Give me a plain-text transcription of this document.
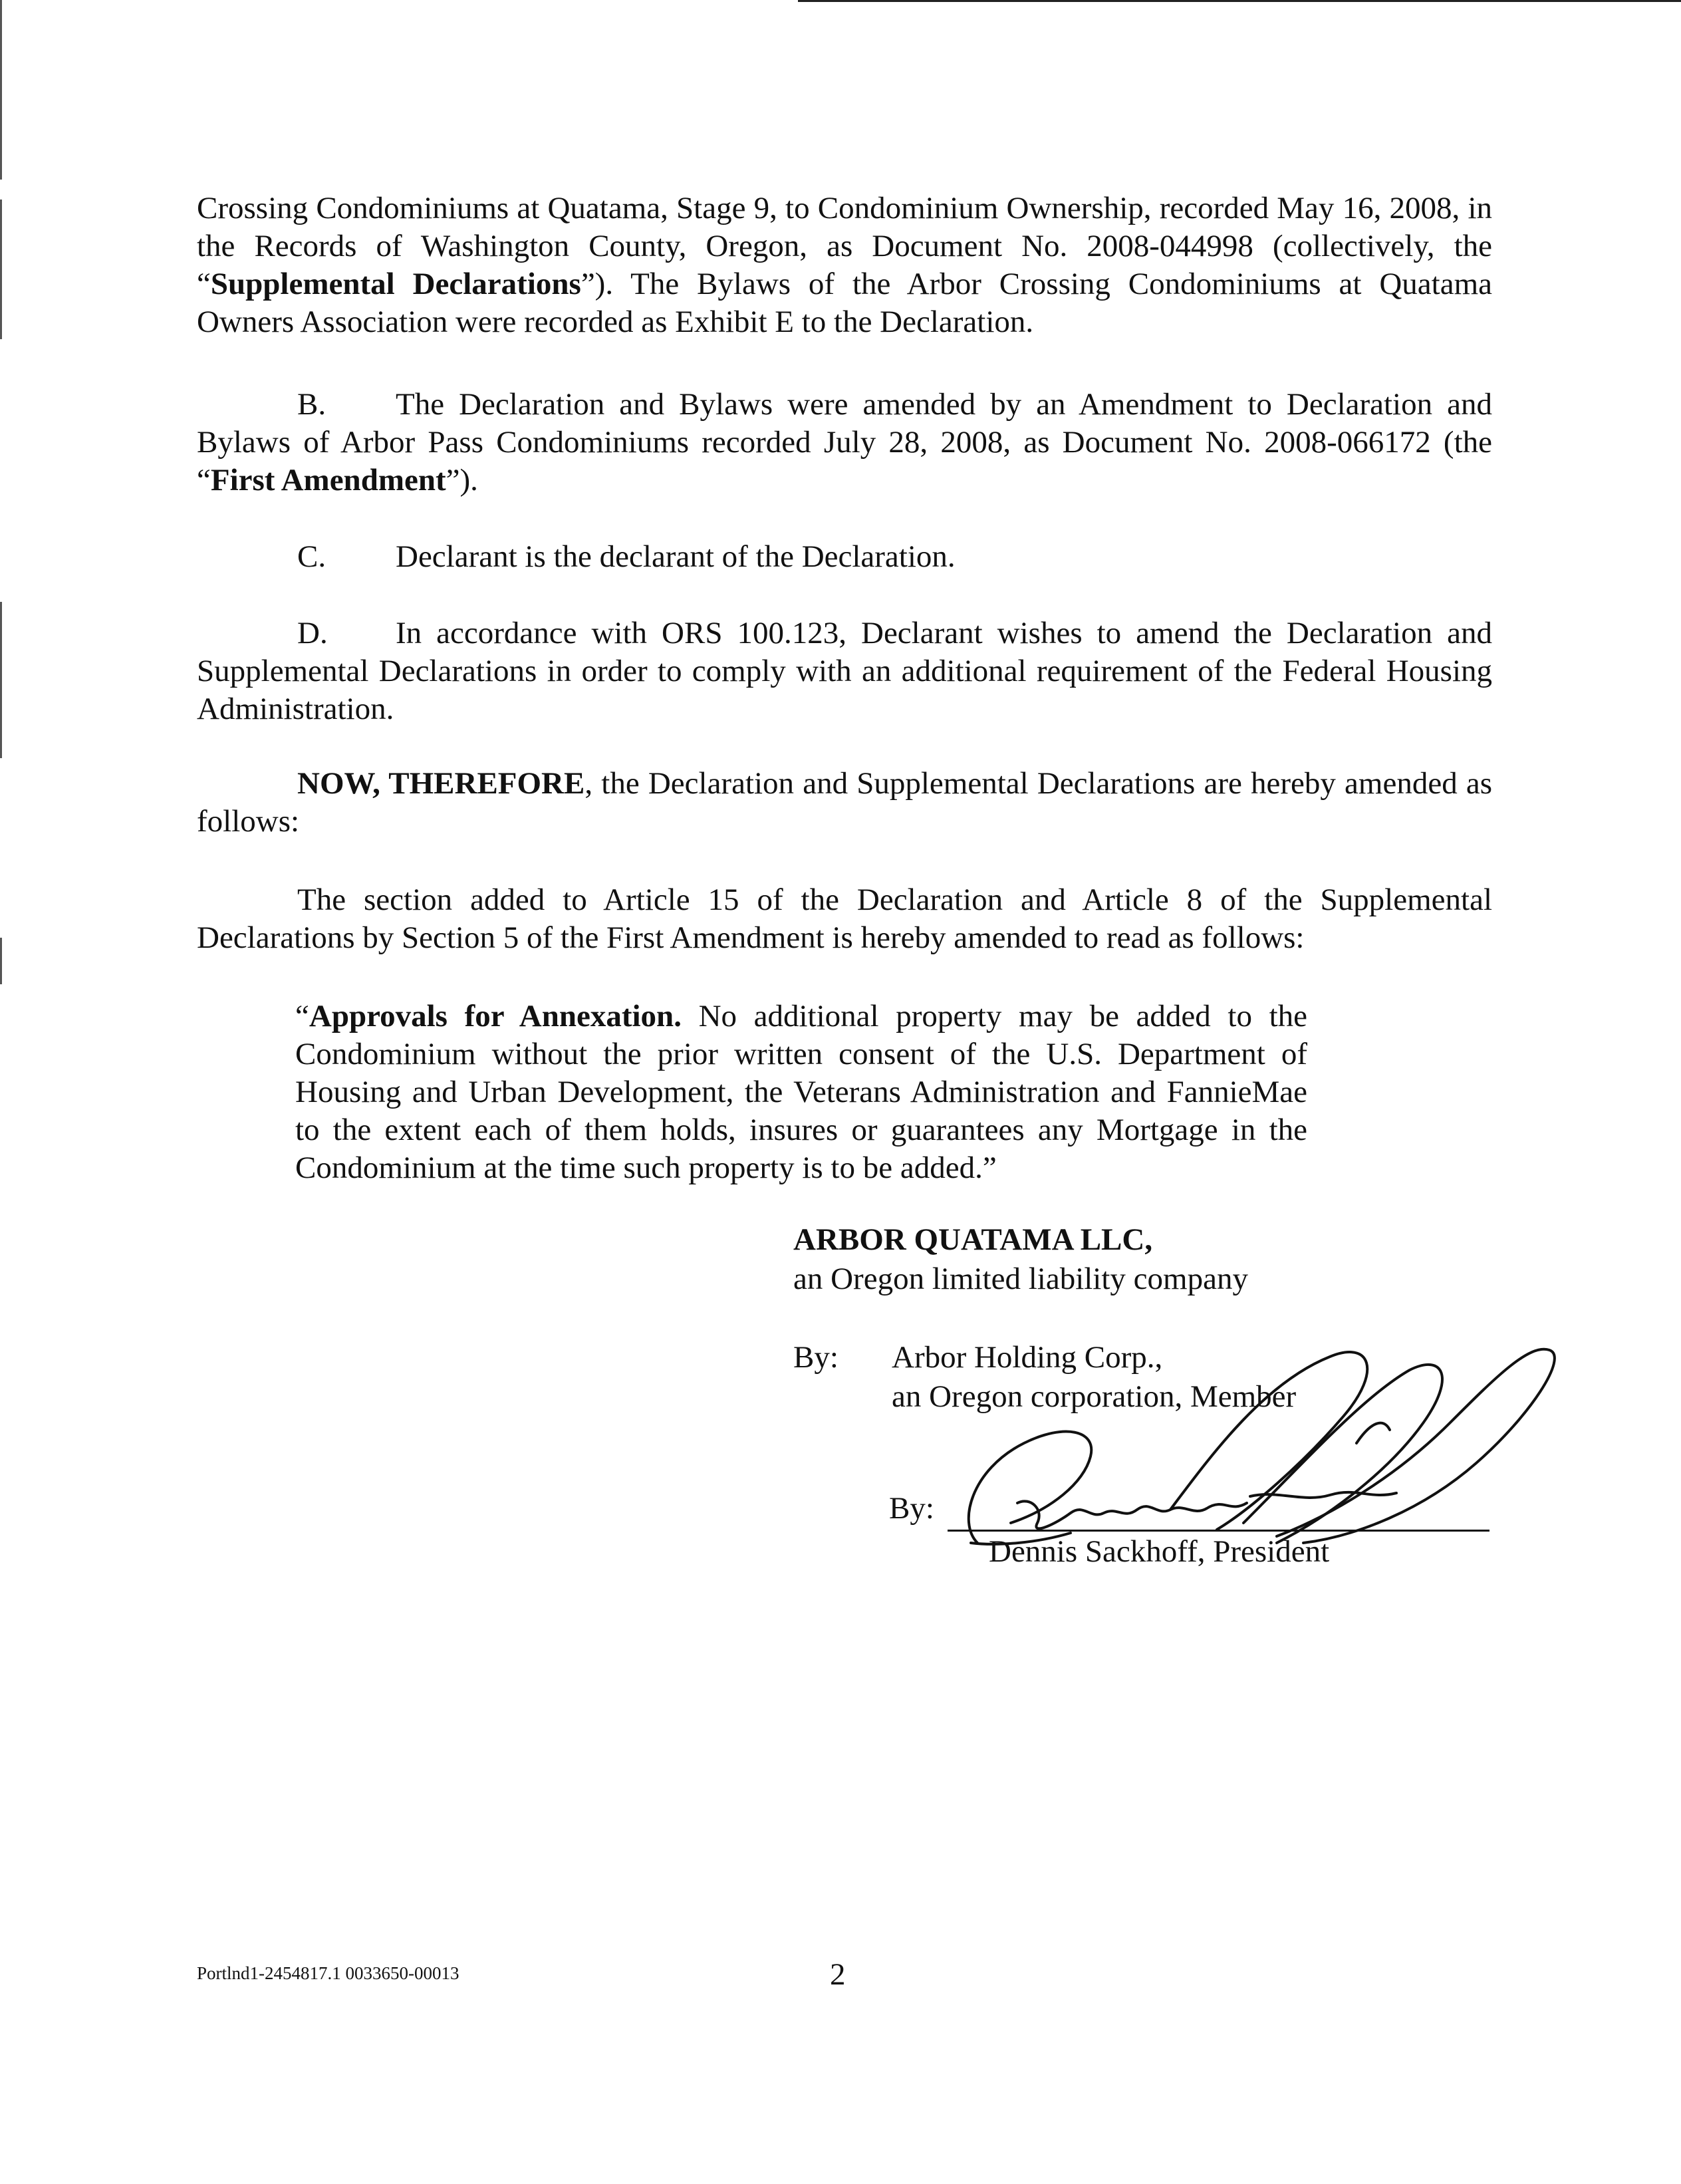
Crossing Condominiums at Quatama, Stage 9, to Condominium Ownership, recorded May 16, 2008, in the Records of Washington County, Oregon, as Document No. 2008-044998 (collectively, the “Supplemental Declarations”). The Bylaws of the Arbor Crossing Condominiums at Quatama Owners Association were recorded as Exhibit E to the Declaration.
B. The Declaration and Bylaws were amended by an Amendment to Declaration and Bylaws of Arbor Pass Condominiums recorded July 28, 2008, as Document No. 2008-066172 (the “First Amendment”).
C. Declarant is the declarant of the Declaration.
D. In accordance with ORS 100.123, Declarant wishes to amend the Declaration and Supplemental Declarations in order to comply with an additional requirement of the Federal Housing Administration.
NOW, THEREFORE, the Declaration and Supplemental Declarations are hereby amended as follows:
The section added to Article 15 of the Declaration and Article 8 of the Supplemental Declarations by Section 5 of the First Amendment is hereby amended to read as follows:
“Approvals for Annexation. No additional property may be added to the Condominium without the prior written consent of the U.S. Department of Housing and Urban Development, the Veterans Administration and FannieMae to the extent each of them holds, insures or guarantees any Mortgage in the Condominium at the time such property is to be added.”
ARBOR QUATAMA LLC,
an Oregon limited liability company
By: Arbor Holding Corp.,
an Oregon corporation, Member
By:
Dennis Sackhoff, President
Portlnd1-2454817.1 0033650-00013	2
